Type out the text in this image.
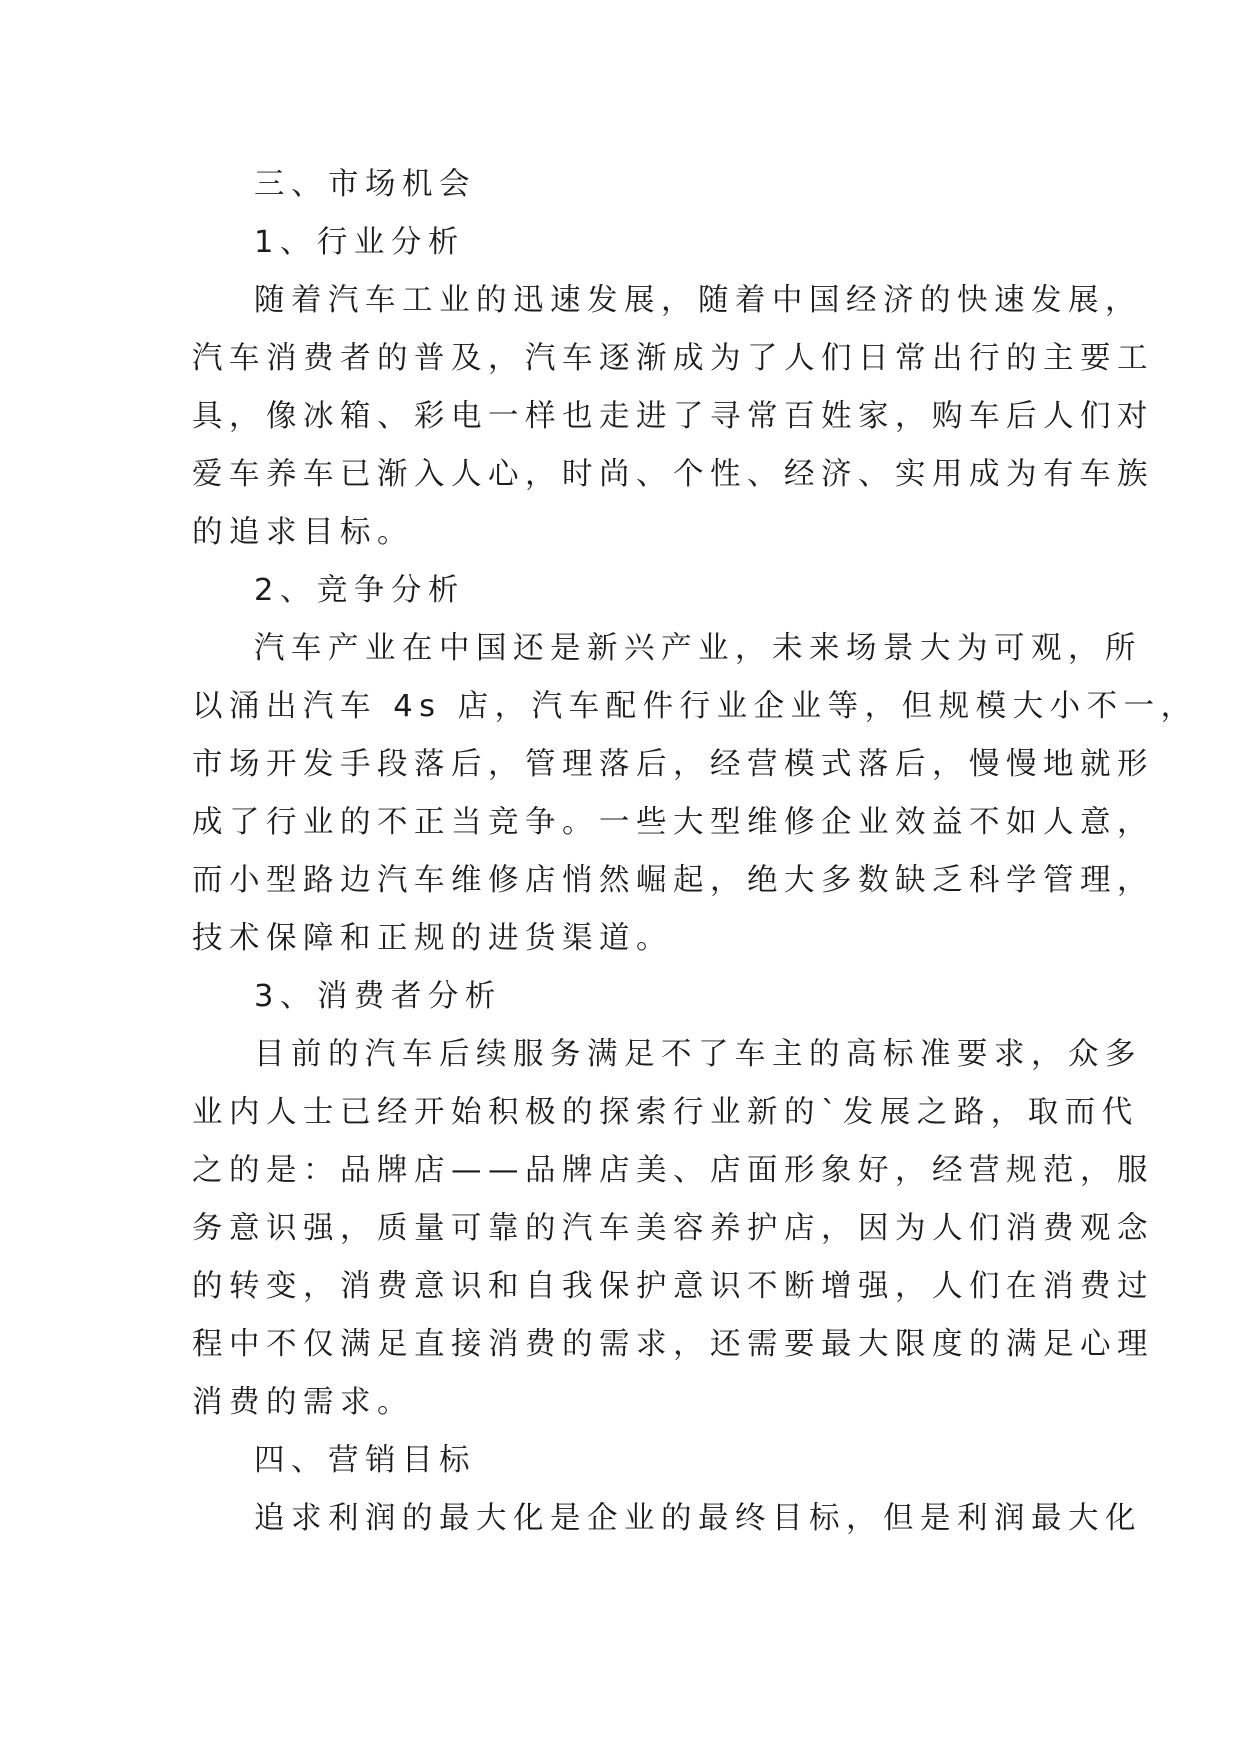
三、市场机会
1、行业分析
随着汽车工业的迅速发展，随着中国经济的快速发展，
汽车消费者的普及，汽车逐渐成为了人们日常出行的主要工
具，像冰箱、彩电一样也走进了寻常百姓家，购车后人们对
爱车养车已渐入人心，时尚、个性、经济、实用成为有车族
的追求目标。
2、竞争分析
汽车产业在中国还是新兴产业，未来场景大为可观，所
以涌出汽车 4s 店，汽车配件行业企业等，但规模大小不一，
市场开发手段落后，管理落后，经营模式落后，慢慢地就形
成了行业的不正当竞争。一些大型维修企业效益不如人意，
而小型路边汽车维修店悄然崛起，绝大多数缺乏科学管理，
技术保障和正规的进货渠道。
3、消费者分析
目前的汽车后续服务满足不了车主的高标准要求，众多
业内人士已经开始积极的探索行业新的`发展之路，取而代
之的是：品牌店——品牌店美、店面形象好，经营规范，服
务意识强，质量可靠的汽车美容养护店，因为人们消费观念
的转变，消费意识和自我保护意识不断增强，人们在消费过
程中不仅满足直接消费的需求，还需要最大限度的满足心理
消费的需求。
四、营销目标
追求利润的最大化是企业的最终目标，但是利润最大化
